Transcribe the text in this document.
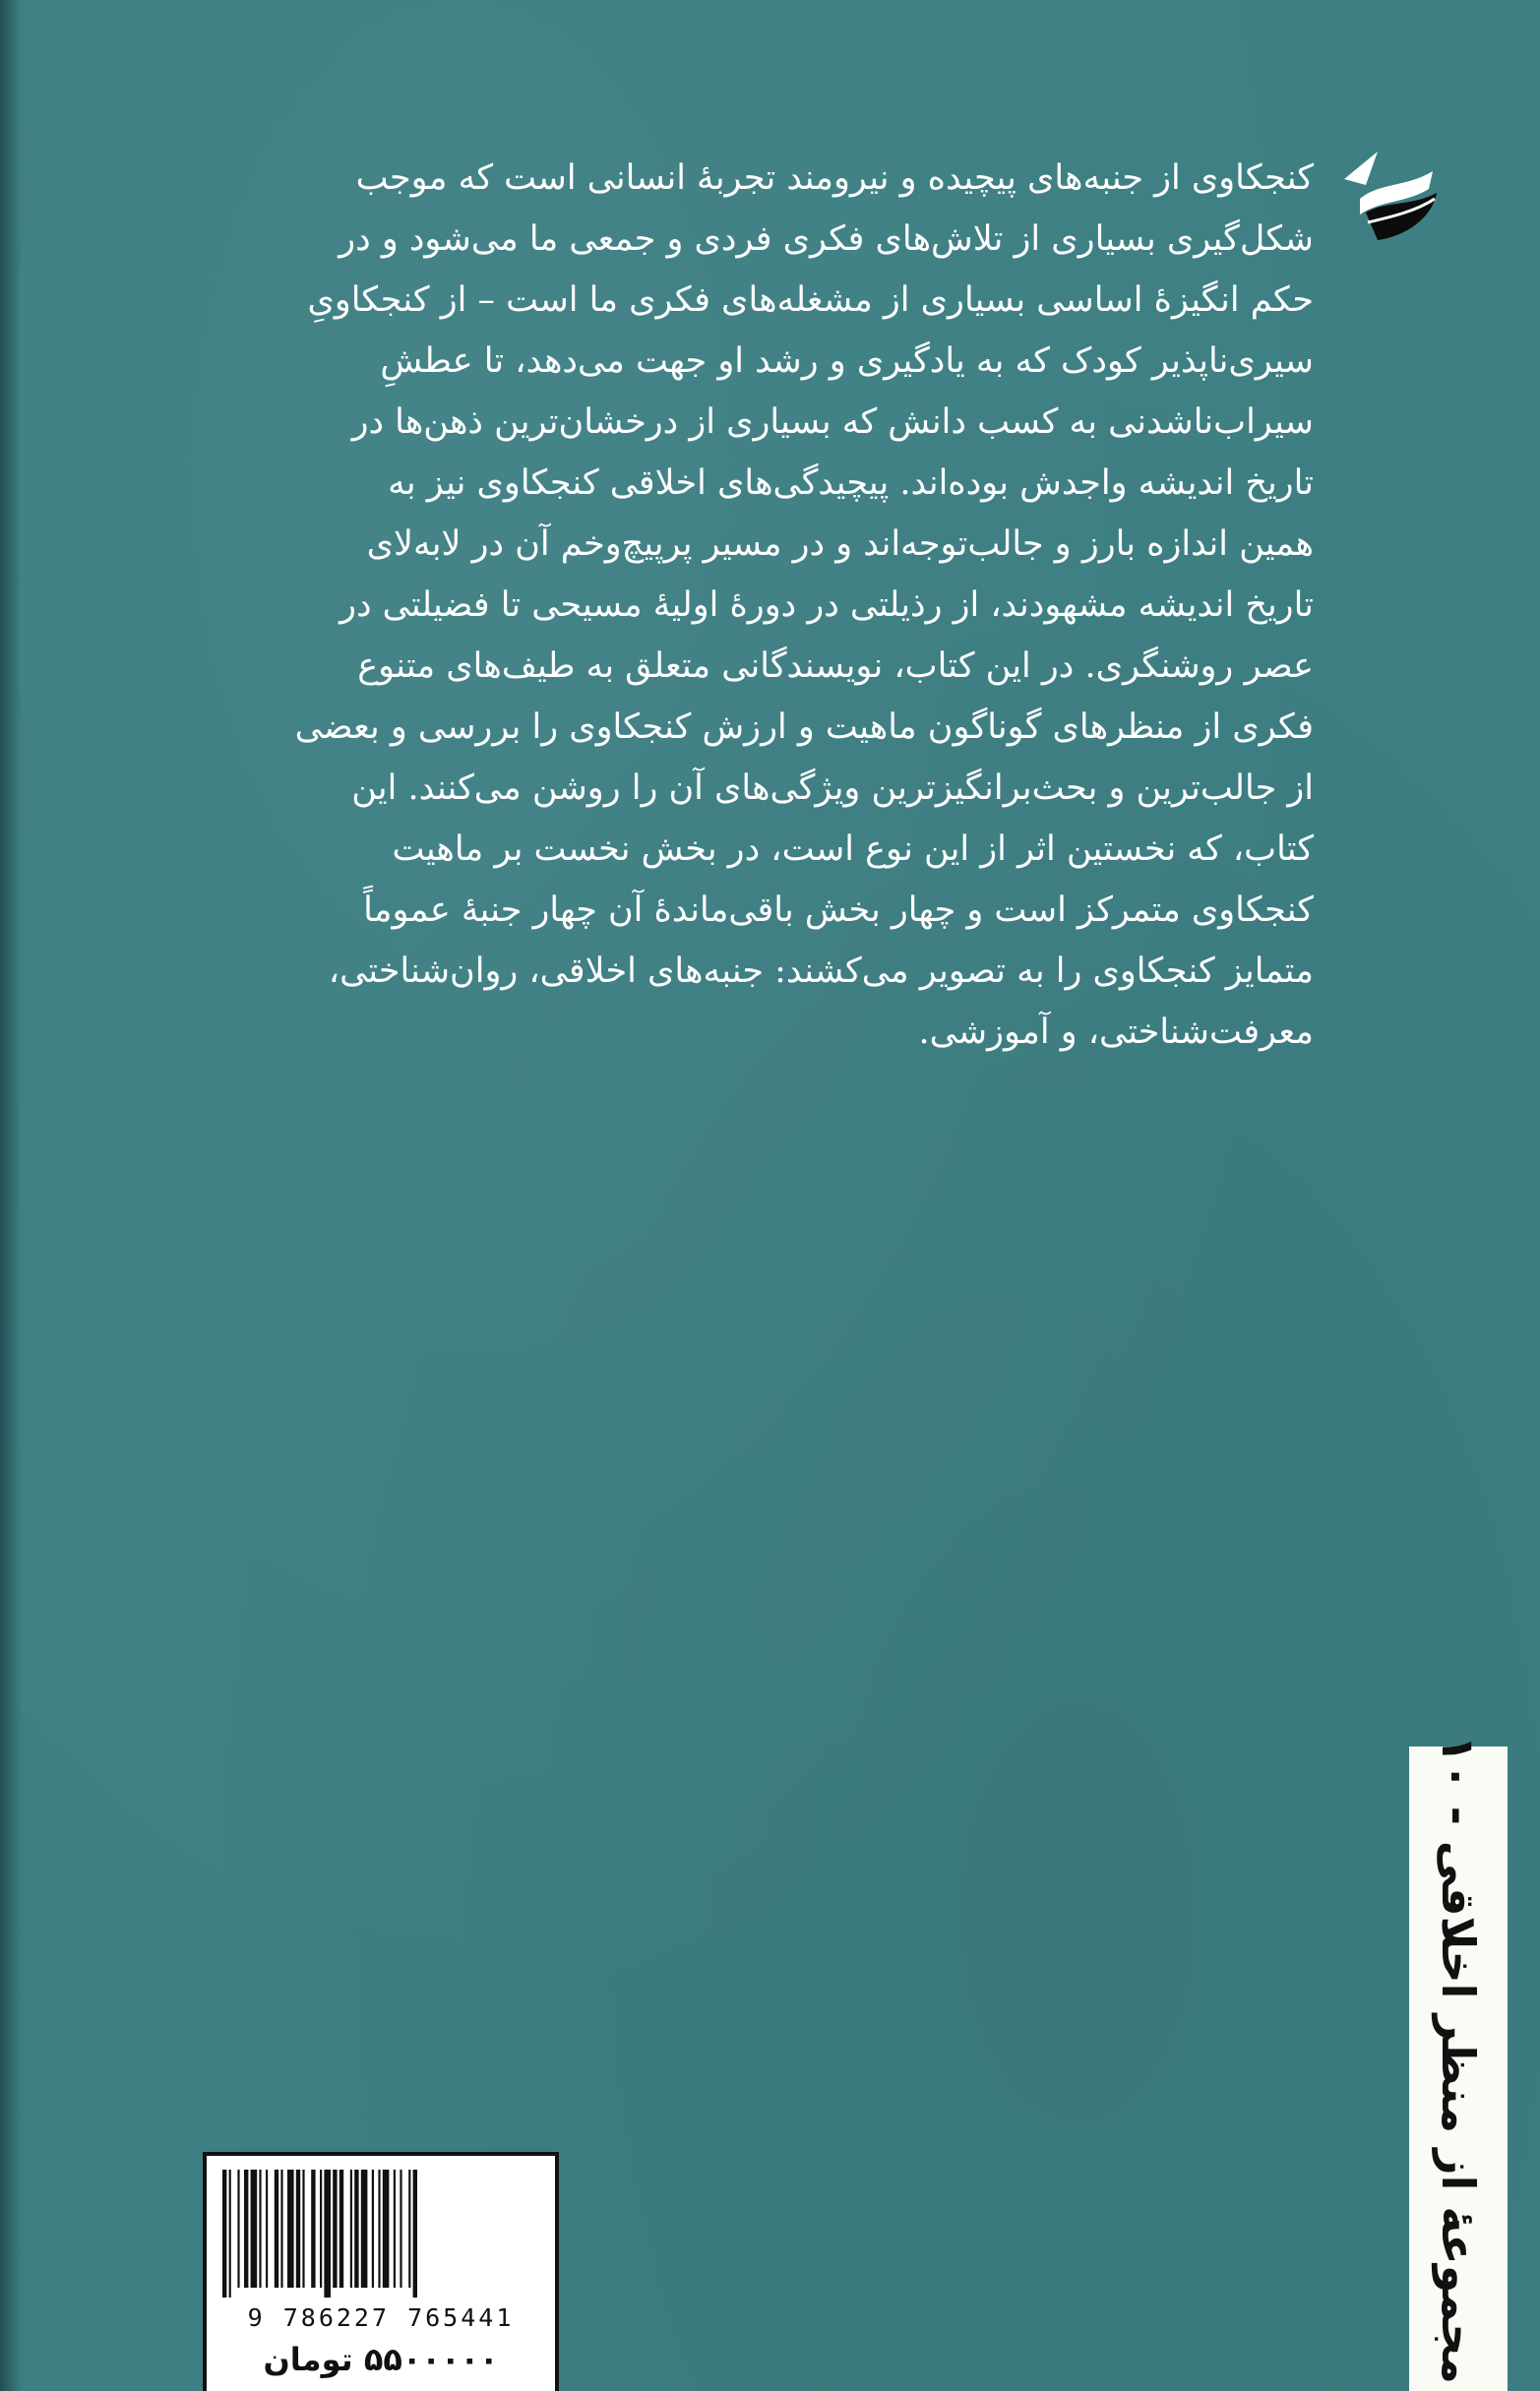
کنجکاوی از جنبه‌های پیچیده و نیرومند تجربهٔ انسانی است که موجب
شکل‌گیری بسیاری از تلاش‌های فکری فردی و جمعی ما می‌شود و در
حکم انگیزهٔ اساسی بسیاری از مشغله‌های فکری ما است – از کنجکاویِ
سیری‌ناپذیر کودک که به یادگیری و رشد او جهت می‌دهد، تا عطشِ
سیراب‌ناشدنی به کسب دانش که بسیاری از درخشان‌ترین ذهن‌ها در
تاریخ اندیشه واجدش بوده‌اند. پیچیدگی‌های اخلاقی کنجکاوی نیز به
همین اندازه بارز و جالب‌توجه‌اند و در مسیر پرپیچ‌وخم آن در لابه‌لای
تاریخ اندیشه مشهودند، از رذیلتی در دورهٔ اولیهٔ مسیحی تا فضیلتی در
عصر روشنگری. در این کتاب، نویسندگانی متعلق به طیف‌های متنوع
فکری از منظرهای گوناگون ماهیت و ارزش کنجکاوی را بررسی و بعضی
از جالب‌ترین و بحث‌برانگیزترین ویژگی‌های آن را روشن می‌کنند. این
کتاب، که نخستین اثر از این نوع است، در بخش نخست بر ماهیت
کنجکاوی متمرکز است و چهار بخش باقی‌ماندهٔ آن چهار جنبهٔ عموماً
متمایز کنجکاوی را به تصویر می‌کشند: جنبه‌های اخلاقی، روان‌شناختی،
معرفت‌شناختی، و آموزشی.
مجموعهٔ از منظر اخلاقی - ۱۰
9 786227 765441
۵۵۰۰۰۰۰ تومان
